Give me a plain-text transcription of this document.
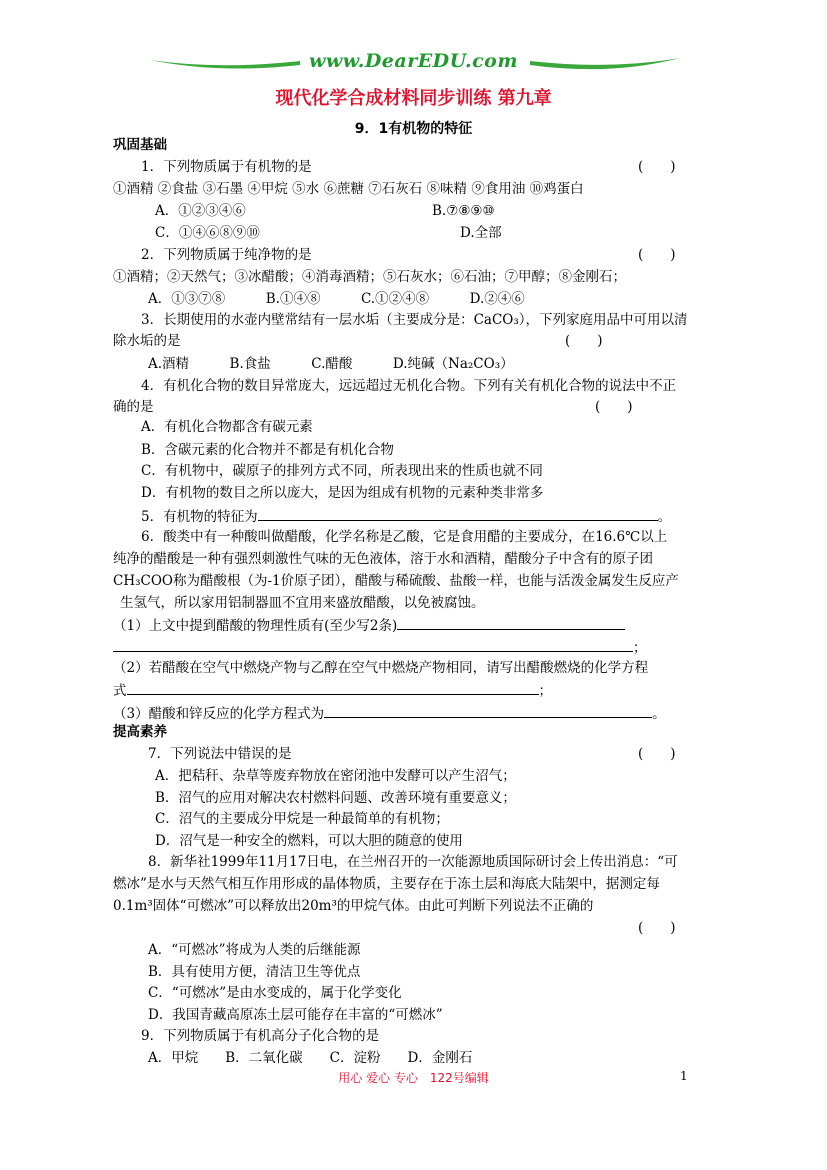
www.DearEDU.com
现代化学合成材料同步训练 第九章
9．1有机物的特征
巩固基础
1．下列物质属于有机物的是	(　　)
①酒精 ②食盐 ③石墨 ④甲烷 ⑤水 ⑥蔗糖 ⑦石灰石 ⑧味精 ⑨食用油 ⑩鸡蛋白
A．①②③④⑥	B.⑦⑧⑨⑩
C．①④⑥⑧⑨⑩	D.全部
2．下列物质属于纯净物的是	(　　)
①酒精；②天然气；③冰醋酸；④消毒酒精；⑤石灰水；⑥石油；⑦甲醇；⑧金刚石；
A．①③⑦⑧　　　B.①④⑧　　　C.①②④⑧　　　D.②④⑥
3．长期使用的水壶内壁常结有一层水垢（主要成分是：CaCO₃），下列家庭用品中可用以清
除水垢的是	(　　)
A.酒精　　　B.食盐　　　C.醋酸　　　D.纯碱（Na₂CO₃）
4．有机化合物的数目异常庞大，远远超过无机化合物。下列有关有机化合物的说法中不正
确的是	(　　)
A．有机化合物都含有碳元素
B．含碳元素的化合物并不都是有机化合物
C．有机物中，碳原子的排列方式不同，所表现出来的性质也就不同
D．有机物的数目之所以庞大，是因为组成有机物的元素种类非常多
5．有机物的特征为	。
6．酸类中有一种酸叫做醋酸，化学名称是乙酸，它是食用醋的主要成分，在16.6℃以上
纯净的醋酸是一种有强烈刺激性气味的无色液体，溶于水和酒精，醋酸分子中含有的原子团
CH₃COO称为醋酸根（为-1价原子团），醋酸与稀硫酸、盐酸一样，也能与活泼金属发生反应产
生氢气，所以家用铝制器皿不宜用来盛放醋酸，以免被腐蚀。
（1）上文中提到醋酸的物理性质有(至少写2条)
；
（2）若醋酸在空气中燃烧产物与乙醇在空气中燃烧产物相同，请写出醋酸燃烧的化学方程
式	；
（3）醋酸和锌反应的化学方程式为	。
提高素养
7．下列说法中错误的是	(　　)
A．把秸秆、杂草等废弃物放在密闭池中发酵可以产生沼气；
B．沼气的应用对解决农村燃料问题、改善环境有重要意义；
C．沼气的主要成分甲烷是一种最简单的有机物；
D．沼气是一种安全的燃料，可以大胆的随意的使用
8．新华社1999年11月17日电，在兰州召开的一次能源地质国际研讨会上传出消息：“可
燃冰”是水与天然气相互作用形成的晶体物质，主要存在于冻土层和海底大陆架中，据测定每
0.1m³固体“可燃冰”可以释放出20m³的甲烷气体。由此可判断下列说法不正确的
(　　)
A．“可燃冰”将成为人类的后继能源
B．具有使用方便，清洁卫生等优点
C．“可燃冰”是由水变成的，属于化学变化
D．我国青藏高原冻土层可能存在丰富的“可燃冰”
9．下列物质属于有机高分子化合物的是
A．甲烷　　B．二氧化碳　　C．淀粉　　D．金刚石
用心 爱心 专心　122号编辑	1
